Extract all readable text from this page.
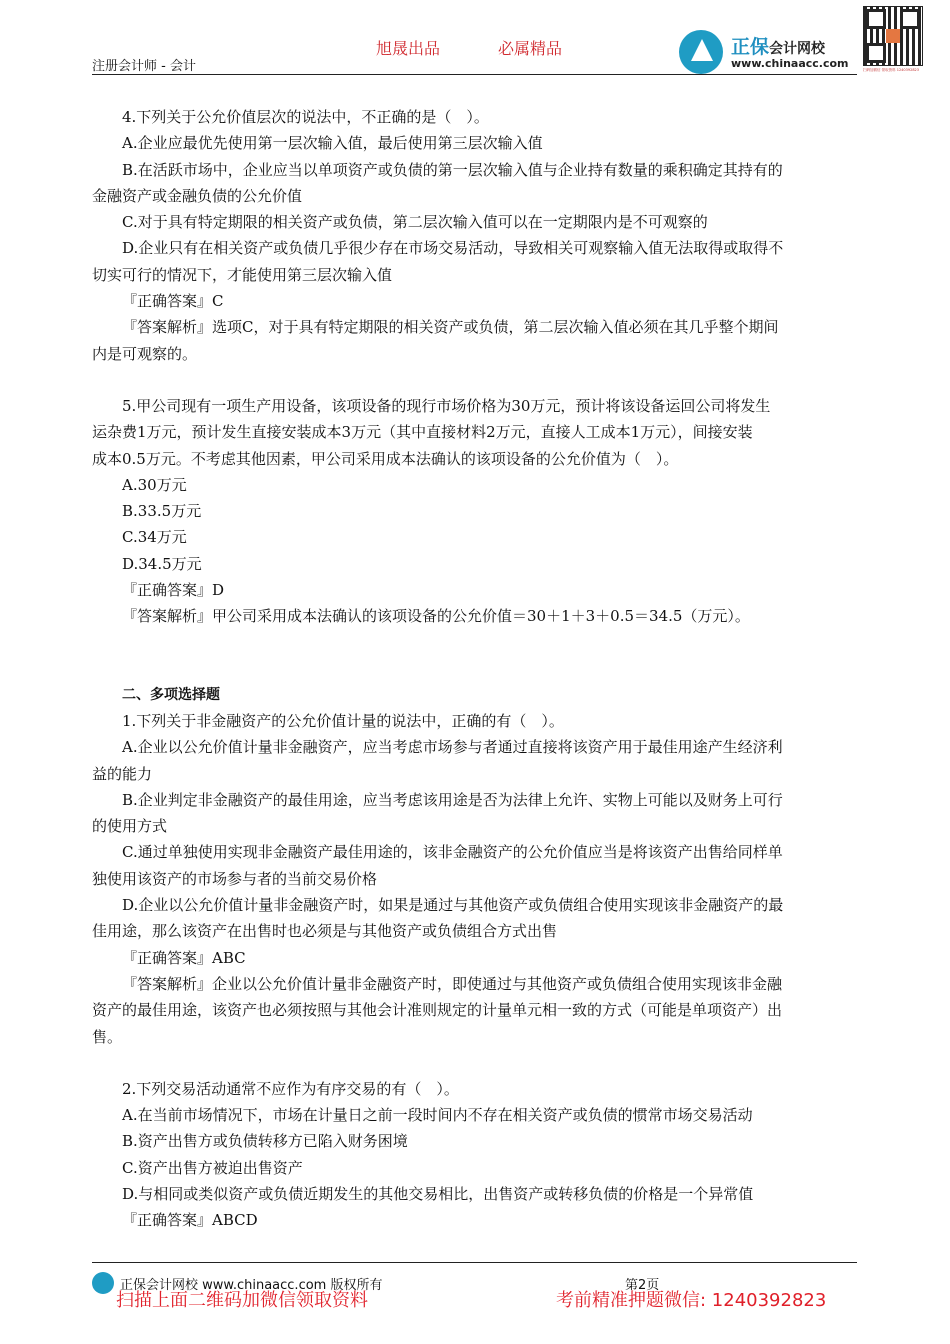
旭晟出品	必属精品	正保会计网校
www.chinaacc.com	扫码加微信 领取资料 1240392823
注册会计师 - 会计
4.下列关于公允价值层次的说法中，不正确的是（　）。
A.企业应最优先使用第一层次输入值，最后使用第三层次输入值
B.在活跃市场中，企业应当以单项资产或负债的第一层次输入值与企业持有数量的乘积确定其持有的
金融资产或金融负债的公允价值
C.对于具有特定期限的相关资产或负债，第二层次输入值可以在一定期限内是不可观察的
D.企业只有在相关资产或负债几乎很少存在市场交易活动，导致相关可观察输入值无法取得或取得不
切实可行的情况下，才能使用第三层次输入值
『正确答案』C
『答案解析』选项C，对于具有特定期限的相关资产或负债，第二层次输入值必须在其几乎整个期间
内是可观察的。
5.甲公司现有一项生产用设备，该项设备的现行市场价格为30万元，预计将该设备运回公司将发生
运杂费1万元，预计发生直接安装成本3万元（其中直接材料2万元，直接人工成本1万元），间接安装
成本0.5万元。不考虑其他因素，甲公司采用成本法确认的该项设备的公允价值为（　）。
A.30万元
B.33.5万元
C.34万元
D.34.5万元
『正确答案』D
『答案解析』甲公司采用成本法确认的该项设备的公允价值＝30＋1＋3＋0.5＝34.5（万元）。
二、多项选择题
1.下列关于非金融资产的公允价值计量的说法中，正确的有（　）。
A.企业以公允价值计量非金融资产，应当考虑市场参与者通过直接将该资产用于最佳用途产生经济利
益的能力
B.企业判定非金融资产的最佳用途，应当考虑该用途是否为法律上允许、实物上可能以及财务上可行
的使用方式
C.通过单独使用实现非金融资产最佳用途的，该非金融资产的公允价值应当是将该资产出售给同样单
独使用该资产的市场参与者的当前交易价格
D.企业以公允价值计量非金融资产时，如果是通过与其他资产或负债组合使用实现该非金融资产的最
佳用途，那么该资产在出售时也必须是与其他资产或负债组合方式出售
『正确答案』ABC
『答案解析』企业以公允价值计量非金融资产时，即使通过与其他资产或负债组合使用实现该非金融
资产的最佳用途，该资产也必须按照与其他会计准则规定的计量单元相一致的方式（可能是单项资产）出
售。
2.下列交易活动通常不应作为有序交易的有（　）。
A.在当前市场情况下，市场在计量日之前一段时间内不存在相关资产或负债的惯常市场交易活动
B.资产出售方或负债转移方已陷入财务困境
C.资产出售方被迫出售资产
D.与相同或类似资产或负债近期发生的其他交易相比，出售资产或转移负债的价格是一个异常值
『正确答案』ABCD
正保会计网校 www.chinaacc.com 版权所有	第2页
扫描上面二维码加微信领取资料	考前精准押题微信: 1240392823
